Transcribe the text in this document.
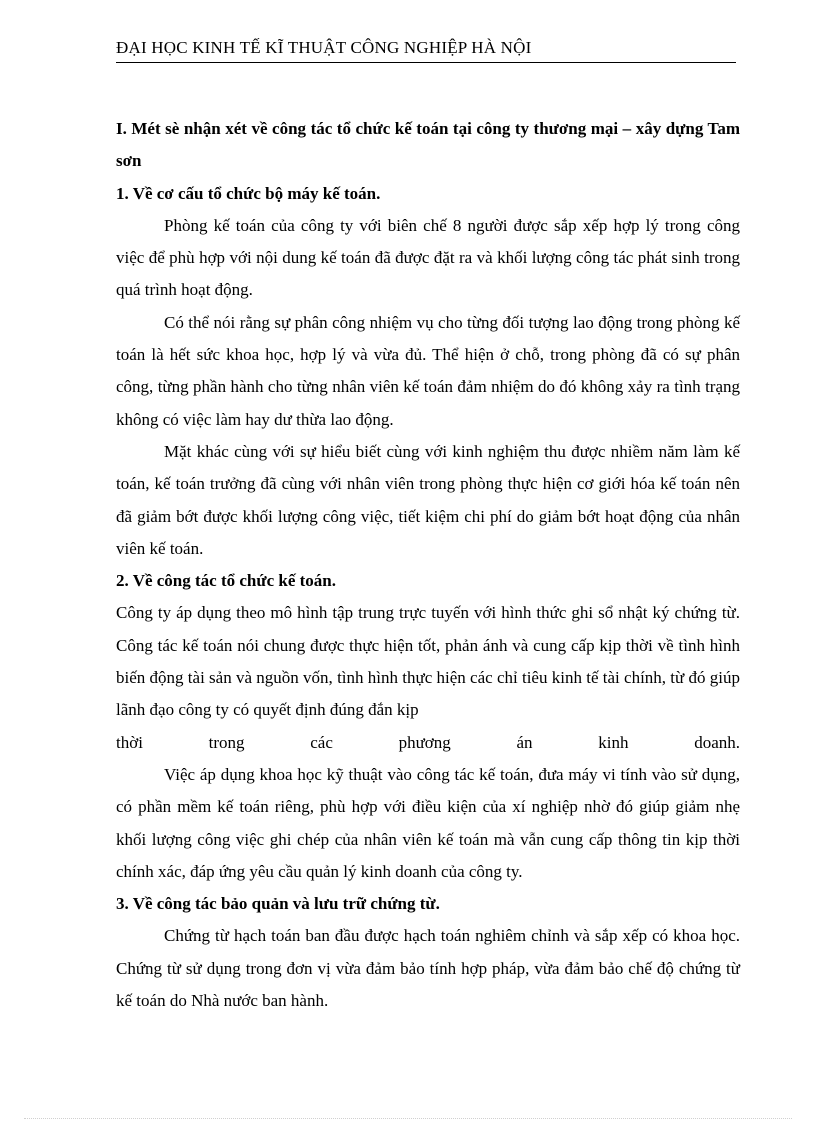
ĐẠI HỌC KINH TẾ KĨ THUẬT CÔNG NGHIỆP HÀ NỘI

I. Mét sè nhận xét về công tác tổ chức kế toán tại công ty thương mại – xây dựng Tam sơn

1. Về cơ cấu tổ chức bộ máy kế toán.

Phòng kế toán của công ty với biên chế 8 người được sắp xếp hợp lý trong công việc để phù hợp với nội dung kế toán đã được đặt ra và khối lượng công tác phát sinh trong quá trình hoạt động.

Có thể nói rằng sự phân công nhiệm vụ cho từng đối tượng lao động trong phòng kế toán là hết sức khoa học, hợp lý và vừa đủ. Thể hiện ở chỗ, trong phòng đã có sự phân công, từng phần hành cho từng nhân viên kế toán đảm nhiệm do đó không xảy ra tình trạng không có việc làm hay dư thừa lao động.

Mặt khác cùng với sự hiểu biết cùng với kinh nghiệm thu được nhiềm năm làm kế toán, kế toán trưởng đã cùng với nhân viên trong phòng thực hiện cơ giới hóa kế toán nên đã giảm bớt được khối lượng công việc, tiết kiệm chi phí do giảm bớt hoạt động của nhân viên kế toán.

2. Về công tác tổ chức kế toán.

Công ty áp dụng theo mô hình tập trung trực tuyến với hình thức ghi sổ nhật ký chứng từ. Công tác kế toán nói chung được thực hiện tốt, phản ánh và cung cấp kịp thời về tình hình biến động tài sản và nguồn vốn, tình hình thực hiện các chỉ tiêu kinh tế tài chính, từ đó giúp lãnh đạo công ty có quyết định đúng đắn kịp

thời trong các phương án kinh doanh.

Việc áp dụng khoa học kỹ thuật vào công tác kế toán, đưa máy vi tính vào sử dụng, có phần mềm kế toán riêng, phù hợp với điều kiện của xí nghiệp nhờ đó giúp giảm nhẹ khối lượng công việc ghi chép của nhân viên kế toán mà vẫn cung cấp thông tin kịp thời chính xác, đáp ứng yêu cầu quản lý kinh doanh của công ty.

3. Về công tác bảo quản và lưu trữ chứng từ.

Chứng từ hạch toán ban đầu được hạch toán nghiêm chỉnh và sắp xếp có khoa học. Chứng từ sử dụng trong đơn vị vừa đảm bảo tính hợp pháp, vừa đảm bảo chế độ chứng từ kế toán do Nhà nước ban hành.
